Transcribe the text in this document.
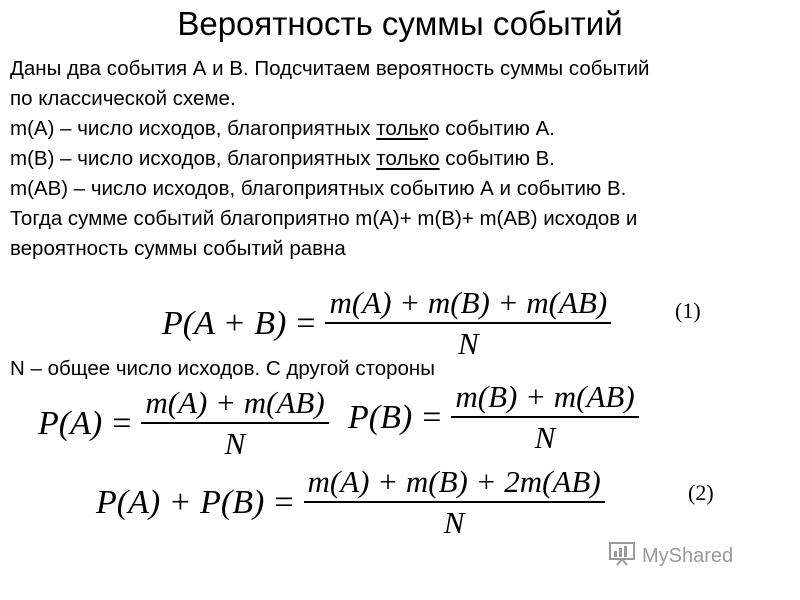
Вероятность суммы событий
Даны два события А и В. Подсчитаем вероятность суммы событий
по классической схеме.
m(A) – число исходов, благоприятных только событию А.
m(B) – число исходов, благоприятных только событию В.
m(AB) – число исходов, благоприятных событию А и событию В.
Тогда сумме событий благоприятно m(A)+ m(B)+ m(AB) исходов и
вероятность суммы событий равна
$P(A + B) = \frac{m(A) + m(B) + m(AB)}{N}$	(1)
N – общее число исходов. С другой стороны
$P(A) = \frac{m(A) + m(AB)}{N} P(B) = \frac{m(B) + m(AB)}{N}$
$P(A) + P(B) = \frac{m(A) + m(B) + 2m(AB)}{N}$	(2)
MyShared
